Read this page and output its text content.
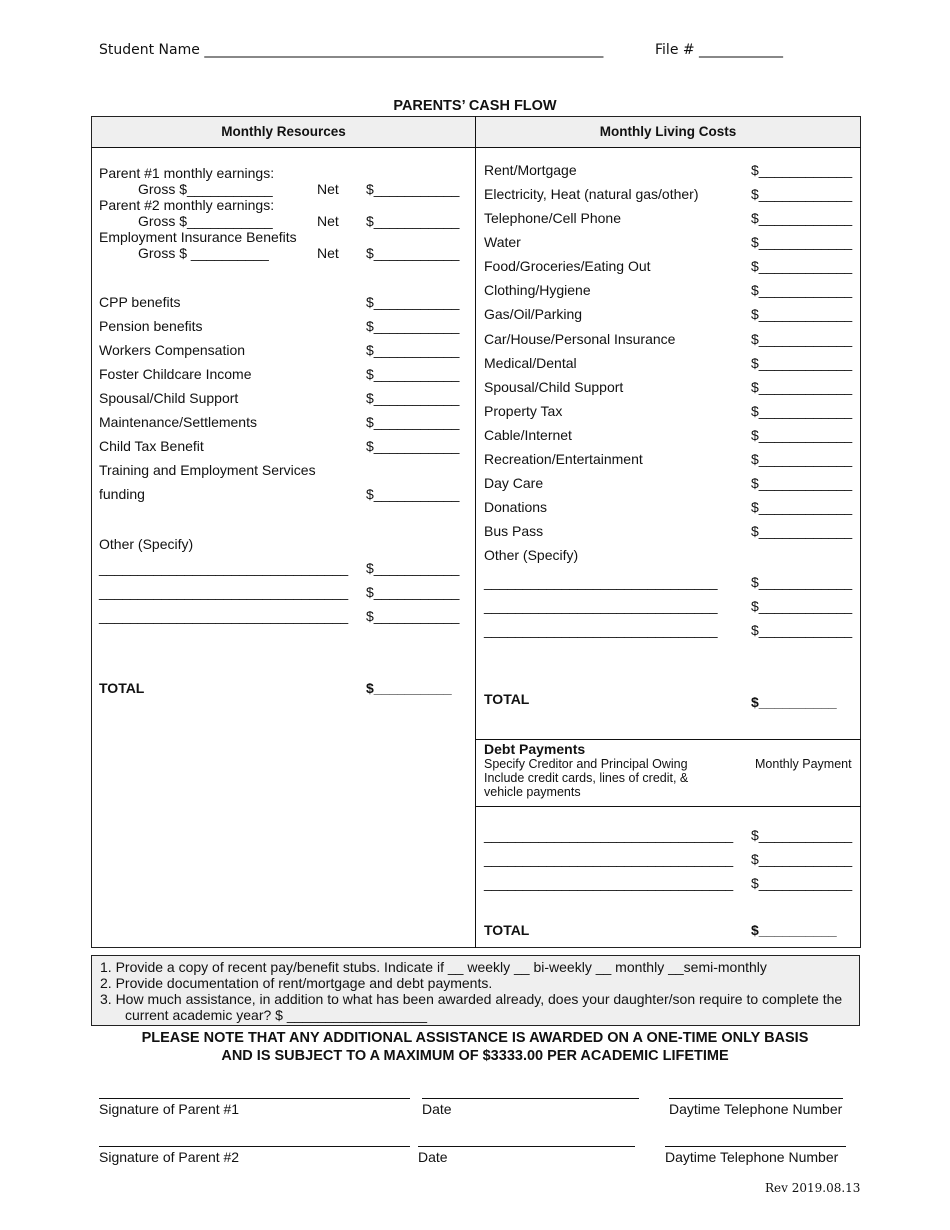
Student Name _________________________________________________________	File # ____________
PARENTS’ CASH FLOW
Monthly Resources	Monthly Living Costs
Parent #1 monthly earnings:
Gross $___________	Net $___________
Parent #2 monthly earnings:
Gross $___________	Net $___________
Employment Insurance Benefits
Gross $ __________	Net $___________
CPP benefits	$___________
Pension benefits	$___________
Workers Compensation	$___________
Foster Childcare Income	$___________
Spousal/Child Support	$___________
Maintenance/Settlements	$___________
Child Tax Benefit	$___________
Training and Employment Services
funding	$___________
Other (Specify)
________________________________ $___________
________________________________ $___________
________________________________ $___________
TOTAL	$__________
Rent/Mortgage	$____________
Electricity, Heat (natural gas/other)	$____________
Telephone/Cell Phone	$____________
Water	$____________
Food/Groceries/Eating Out	$____________
Clothing/Hygiene	$____________
Gas/Oil/Parking	$____________
Car/House/Personal Insurance	$____________
Medical/Dental	$____________
Spousal/Child Support	$____________
Property Tax	$____________
Cable/Internet	$____________
Recreation/Entertainment	$____________
Day Care	$____________
Donations	$____________
Bus Pass	$____________
Other (Specify)
______________________________ $____________
______________________________ $____________
______________________________ $____________
TOTAL	$__________
Debt Payments
Specify Creditor and Principal Owing
Include credit cards, lines of credit, &
vehicle payments
Monthly Payment
________________________________ $____________
________________________________ $____________
________________________________ $____________
TOTAL	$__________
1. Provide a copy of recent pay/benefit stubs. Indicate if __ weekly __ bi-weekly __ monthly __semi-monthly
2. Provide documentation of rent/mortgage and debt payments.
3. How much assistance, in addition to what has been awarded already, does your daughter/son require to complete the
current academic year? $ __________________
PLEASE NOTE THAT ANY ADDITIONAL ASSISTANCE IS AWARDED ON A ONE-TIME ONLY BASIS
AND IS SUBJECT TO A MAXIMUM OF $3333.00 PER ACADEMIC LIFETIME
Signature of Parent #1	Date	Daytime Telephone Number
Signature of Parent #2	Date	Daytime Telephone Number
Rev 2019.08.13
